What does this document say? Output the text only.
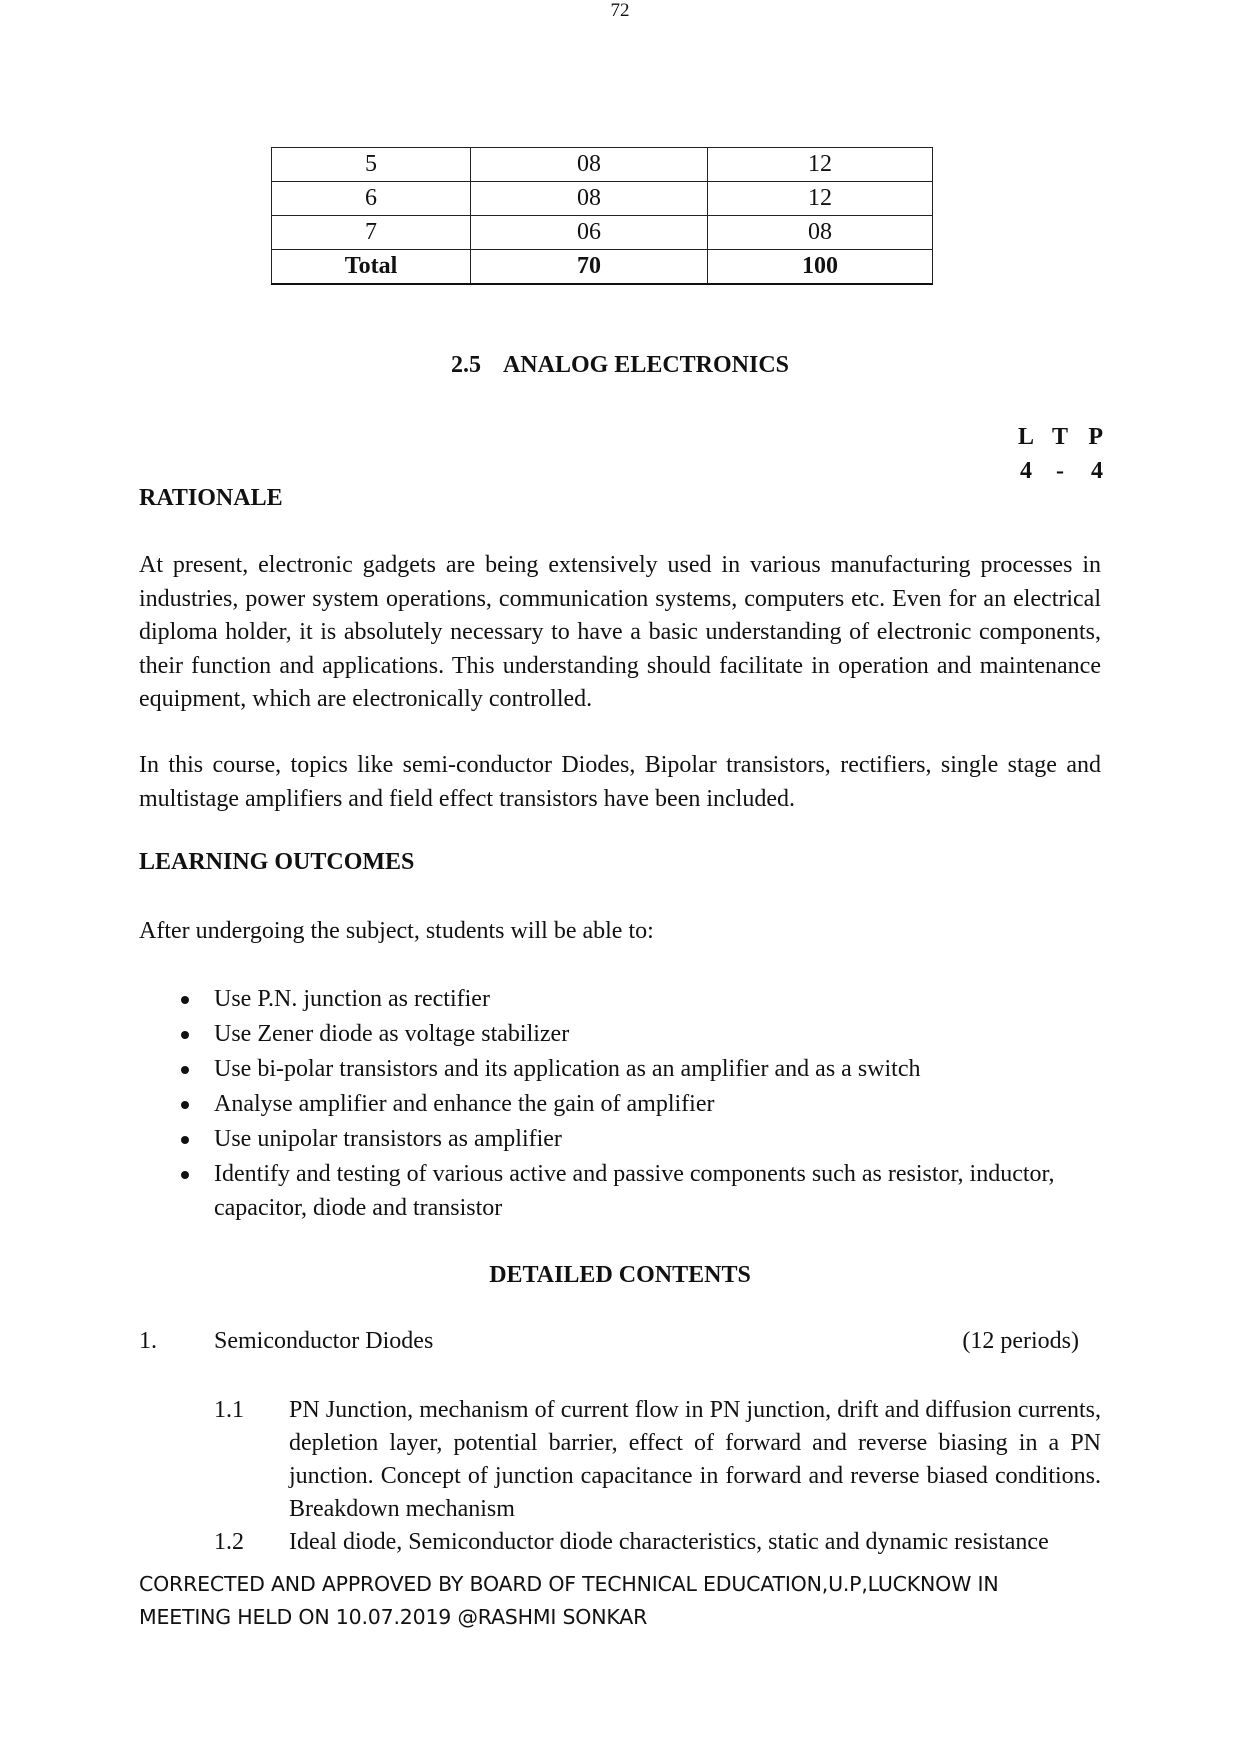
72
5	08	12
6	08	12
7	06	08
Total	70	100
2.5 ANALOG ELECTRONICS
L T P
4 - 4
RATIONALE

At present, electronic gadgets are being extensively used in various manufacturing processes in industries, power system operations, communication systems, computers etc. Even for an electrical diploma holder, it is absolutely necessary to have a basic understanding of electronic components, their function and applications. This understanding should facilitate in operation and maintenance equipment, which are electronically controlled.

In this course, topics like semi-conductor Diodes, Bipolar transistors, rectifiers, single stage and multistage amplifiers and field effect transistors have been included.

LEARNING OUTCOMES

After undergoing the subject, students will be able to:

Use P.N. junction as rectifier
Use Zener diode as voltage stabilizer
Use bi-polar transistors and its application as an amplifier and as a switch
Analyse amplifier and enhance the gain of amplifier
Use unipolar transistors as amplifier
Identify and testing of various active and passive components such as resistor, inductor, capacitor, diode and transistor
DETAILED CONTENTS
1. Semiconductor Diodes	(12 periods)
1.1 PN Junction, mechanism of current flow in PN junction, drift and diffusion currents, depletion layer, potential barrier, effect of forward and reverse biasing in a PN junction. Concept of junction capacitance in forward and reverse biased conditions. Breakdown mechanism
1.2 Ideal diode, Semiconductor diode characteristics, static and dynamic resistance
CORRECTED AND APPROVED BY BOARD OF TECHNICAL EDUCATION,U.P,LUCKNOW IN
MEETING HELD ON 10.07.2019 @RASHMI SONKAR
